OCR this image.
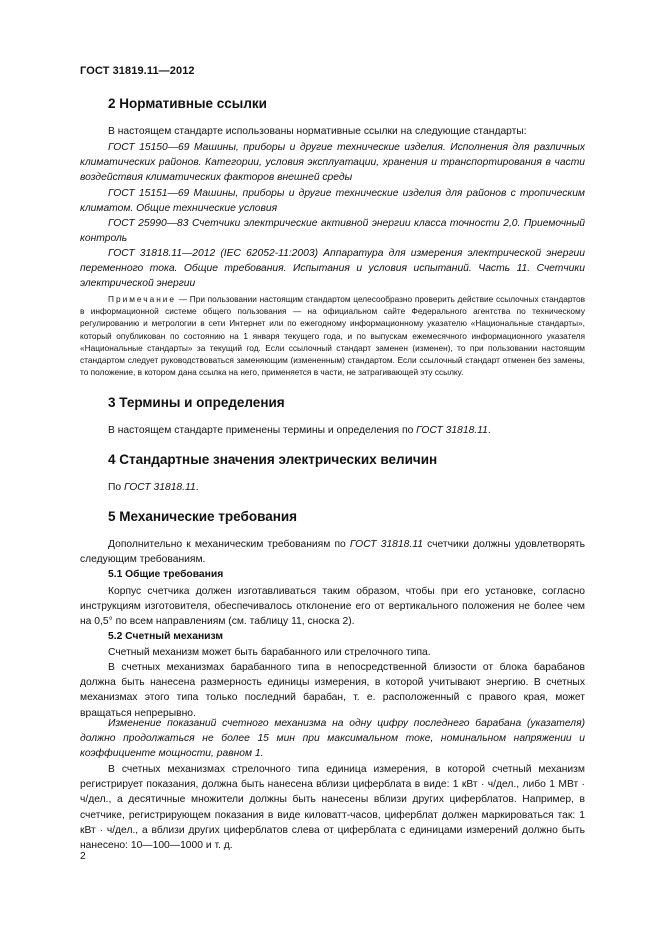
ГОСТ 31819.11—2012
2 Нормативные ссылки
В настоящем стандарте использованы нормативные ссылки на следующие стандарты:
ГОСТ 15150—69 Машины, приборы и другие технические изделия. Исполнения для различных климатических районов. Категории, условия эксплуатации, хранения и транспортирования в части воздействия климатических факторов внешней среды
ГОСТ 15151—69 Машины, приборы и другие технические изделия для районов с тропическим климатом. Общие технические условия
ГОСТ 25990—83 Счетчики электрические активной энергии класса точности 2,0. Приемочный контроль
ГОСТ 31818.11—2012 (IEC 62052-11:2003) Аппаратура для измерения электрической энергии переменного тока. Общие требования. Испытания и условия испытаний. Часть 11. Счетчики электрической энергии
Примечание — При пользовании настоящим стандартом целесообразно проверить действие ссылочных стандартов в информационной системе общего пользования — на официальном сайте Федерального агентства по техническому регулированию и метрологии в сети Интернет или по ежегодному информационному указателю «Национальные стандарты», который опубликован по состоянию на 1 января текущего года, и по выпускам ежемесячного информационного указателя «Национальные стандарты» за текущий год. Если ссылочный стандарт заменен (изменен), то при пользовании настоящим стандартом следует руководствоваться заменяющим (измененным) стандартом. Если ссылочный стандарт отменен без замены, то положение, в котором дана ссылка на него, применяется в части, не затрагивающей эту ссылку.
3 Термины и определения
В настоящем стандарте применены термины и определения по ГОСТ 31818.11.
4 Стандартные значения электрических величин
По ГОСТ 31818.11.
5 Механические требования
Дополнительно к механическим требованиям по ГОСТ 31818.11 счетчики должны удовлетворять следующим требованиям.
5.1 Общие требования
Корпус счетчика должен изготавливаться таким образом, чтобы при его установке, согласно инструкциям изготовителя, обеспечивалось отклонение его от вертикального положения не более чем на 0,5° по всем направлениям (см. таблицу 11, сноска 2).
5.2 Счетный механизм
Счетный механизм может быть барабанного или стрелочного типа.
В счетных механизмах барабанного типа в непосредственной близости от блока барабанов должна быть нанесена размерность единицы измерения, в которой учитывают энергию. В счетных механизмах этого типа только последний барабан, т. е. расположенный с правого края, может вращаться непрерывно.
Изменение показаний счетного механизма на одну цифру последнего барабана (указателя) должно продолжаться не более 15 мин при максимальном токе, номинальном напряжении и коэффициенте мощности, равном 1.
В счетных механизмах стрелочного типа единица измерения, в которой счетный механизм регистрирует показания, должна быть нанесена вблизи циферблата в виде: 1 кВт · ч/дел., либо 1 МВт · ч/дел., а десятичные множители должны быть нанесены вблизи других циферблатов. Например, в счетчике, регистрирующем показания в виде киловатт-часов, циферблат должен маркироваться так: 1 кВт · ч/дел., а вблизи других циферблатов слева от циферблата с единицами измерений должно быть нанесено: 10—100—1000 и т. д.
2
